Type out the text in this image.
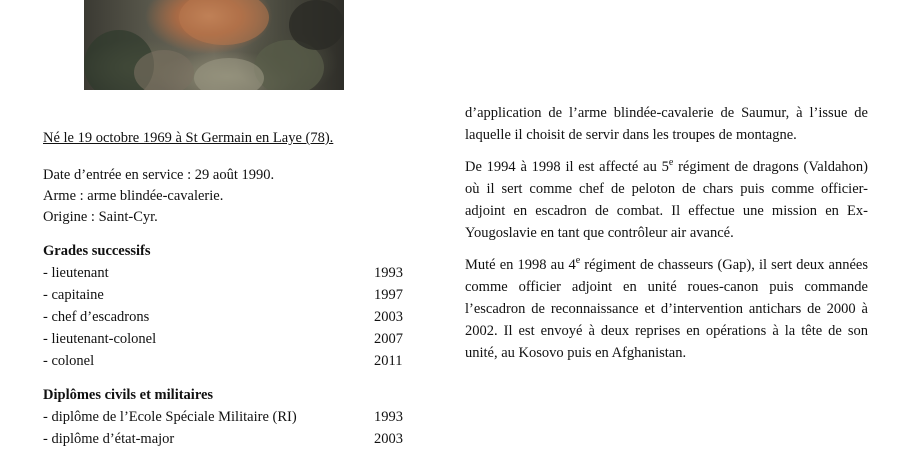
Né le 19 octobre 1969 à St Germain en Laye (78).

Date d’entrée en service : 29 août 1990.
Arme : arme blindée-cavalerie.
Origine : Saint-Cyr.
Grades successifs
- lieutenant	1993
- capitaine	1997
- chef d’escadrons	2003
- lieutenant-colonel	2007
- colonel	2011
Diplômes civils et militaires
- diplôme de l’Ecole Spéciale Militaire (RI)	1993
- diplôme d’état-major	2003

d’application de l’arme blindée-cavalerie de Saumur, à l’issue de laquelle il choisit de servir dans les troupes de montagne.

De 1994 à 1998 il est affecté au 5e régiment de dragons (Valdahon) où il sert comme chef de peloton de chars puis comme officier-adjoint en escadron de combat. Il effectue une mission en Ex-Yougoslavie en tant que contrôleur air avancé.

Muté en 1998 au 4e régiment de chasseurs (Gap), il sert deux années comme officier adjoint en unité roues-canon puis commande l’escadron de reconnaissance et d’intervention antichars de 2000 à 2002. Il est envoyé à deux reprises en opérations à la tête de son unité, au Kosovo puis en Afghanistan.
